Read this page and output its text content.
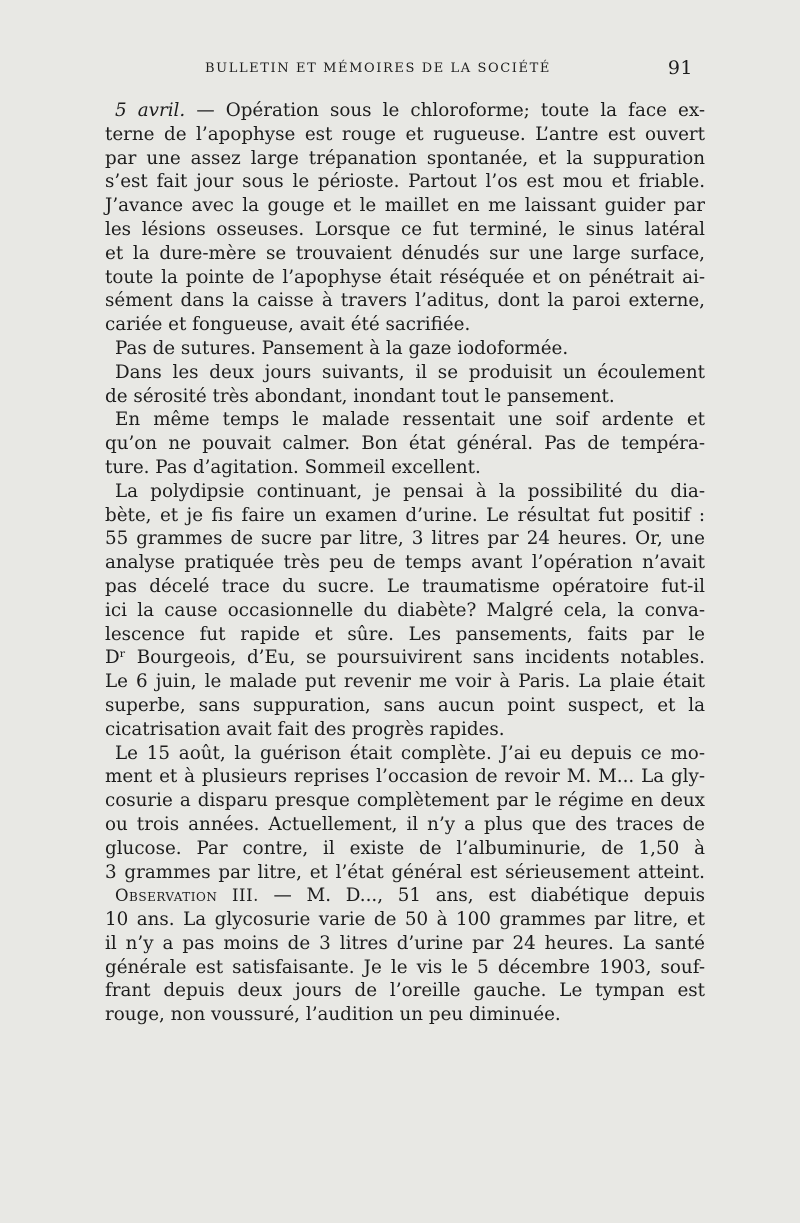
BULLETIN ET MÉMOIRES DE LA SOCIÉTÉ	91
5 avril. — Opération sous le chloroforme; toute la face ex-
terne de l’apophyse est rouge et rugueuse. L’antre est ouvert
par une assez large trépanation spontanée, et la suppuration
s’est fait jour sous le périoste. Partout l’os est mou et friable.
J’avance avec la gouge et le maillet en me laissant guider par
les lésions osseuses. Lorsque ce fut terminé, le sinus latéral
et la dure-mère se trouvaient dénudés sur une large surface,
toute la pointe de l’apophyse était réséquée et on pénétrait ai-
sément dans la caisse à travers l’aditus, dont la paroi externe,
cariée et fongueuse, avait été sacrifiée.
Pas de sutures. Pansement à la gaze iodoformée.
Dans les deux jours suivants, il se produisit un écoulement
de sérosité très abondant, inondant tout le pansement.
En même temps le malade ressentait une soif ardente et
qu’on ne pouvait calmer. Bon état général. Pas de tempéra-
ture. Pas d’agitation. Sommeil excellent.
La polydipsie continuant, je pensai à la possibilité du dia-
bète, et je fis faire un examen d’urine. Le résultat fut positif :
55 grammes de sucre par litre, 3 litres par 24 heures. Or, une
analyse pratiquée très peu de temps avant l’opération n’avait
pas décelé trace du sucre. Le traumatisme opératoire fut-il
ici la cause occasionnelle du diabète? Malgré cela, la conva-
lescence fut rapide et sûre. Les pansements, faits par le
Dʳ Bourgeois, d’Eu, se poursuivirent sans incidents notables.
Le 6 juin, le malade put revenir me voir à Paris. La plaie était
superbe, sans suppuration, sans aucun point suspect, et la
cicatrisation avait fait des progrès rapides.
Le 15 août, la guérison était complète. J’ai eu depuis ce mo-
ment et à plusieurs reprises l’occasion de revoir M. M... La gly-
cosurie a disparu presque complètement par le régime en deux
ou trois années. Actuellement, il n’y a plus que des traces de
glucose. Par contre, il existe de l’albuminurie, de 1,50 à
3 grammes par litre, et l’état général est sérieusement atteint.
Observation III. — M. D..., 51 ans, est diabétique depuis
10 ans. La glycosurie varie de 50 à 100 grammes par litre, et
il n’y a pas moins de 3 litres d’urine par 24 heures. La santé
générale est satisfaisante. Je le vis le 5 décembre 1903, souf-
frant depuis deux jours de l’oreille gauche. Le tympan est
rouge, non voussuré, l’audition un peu diminuée.
